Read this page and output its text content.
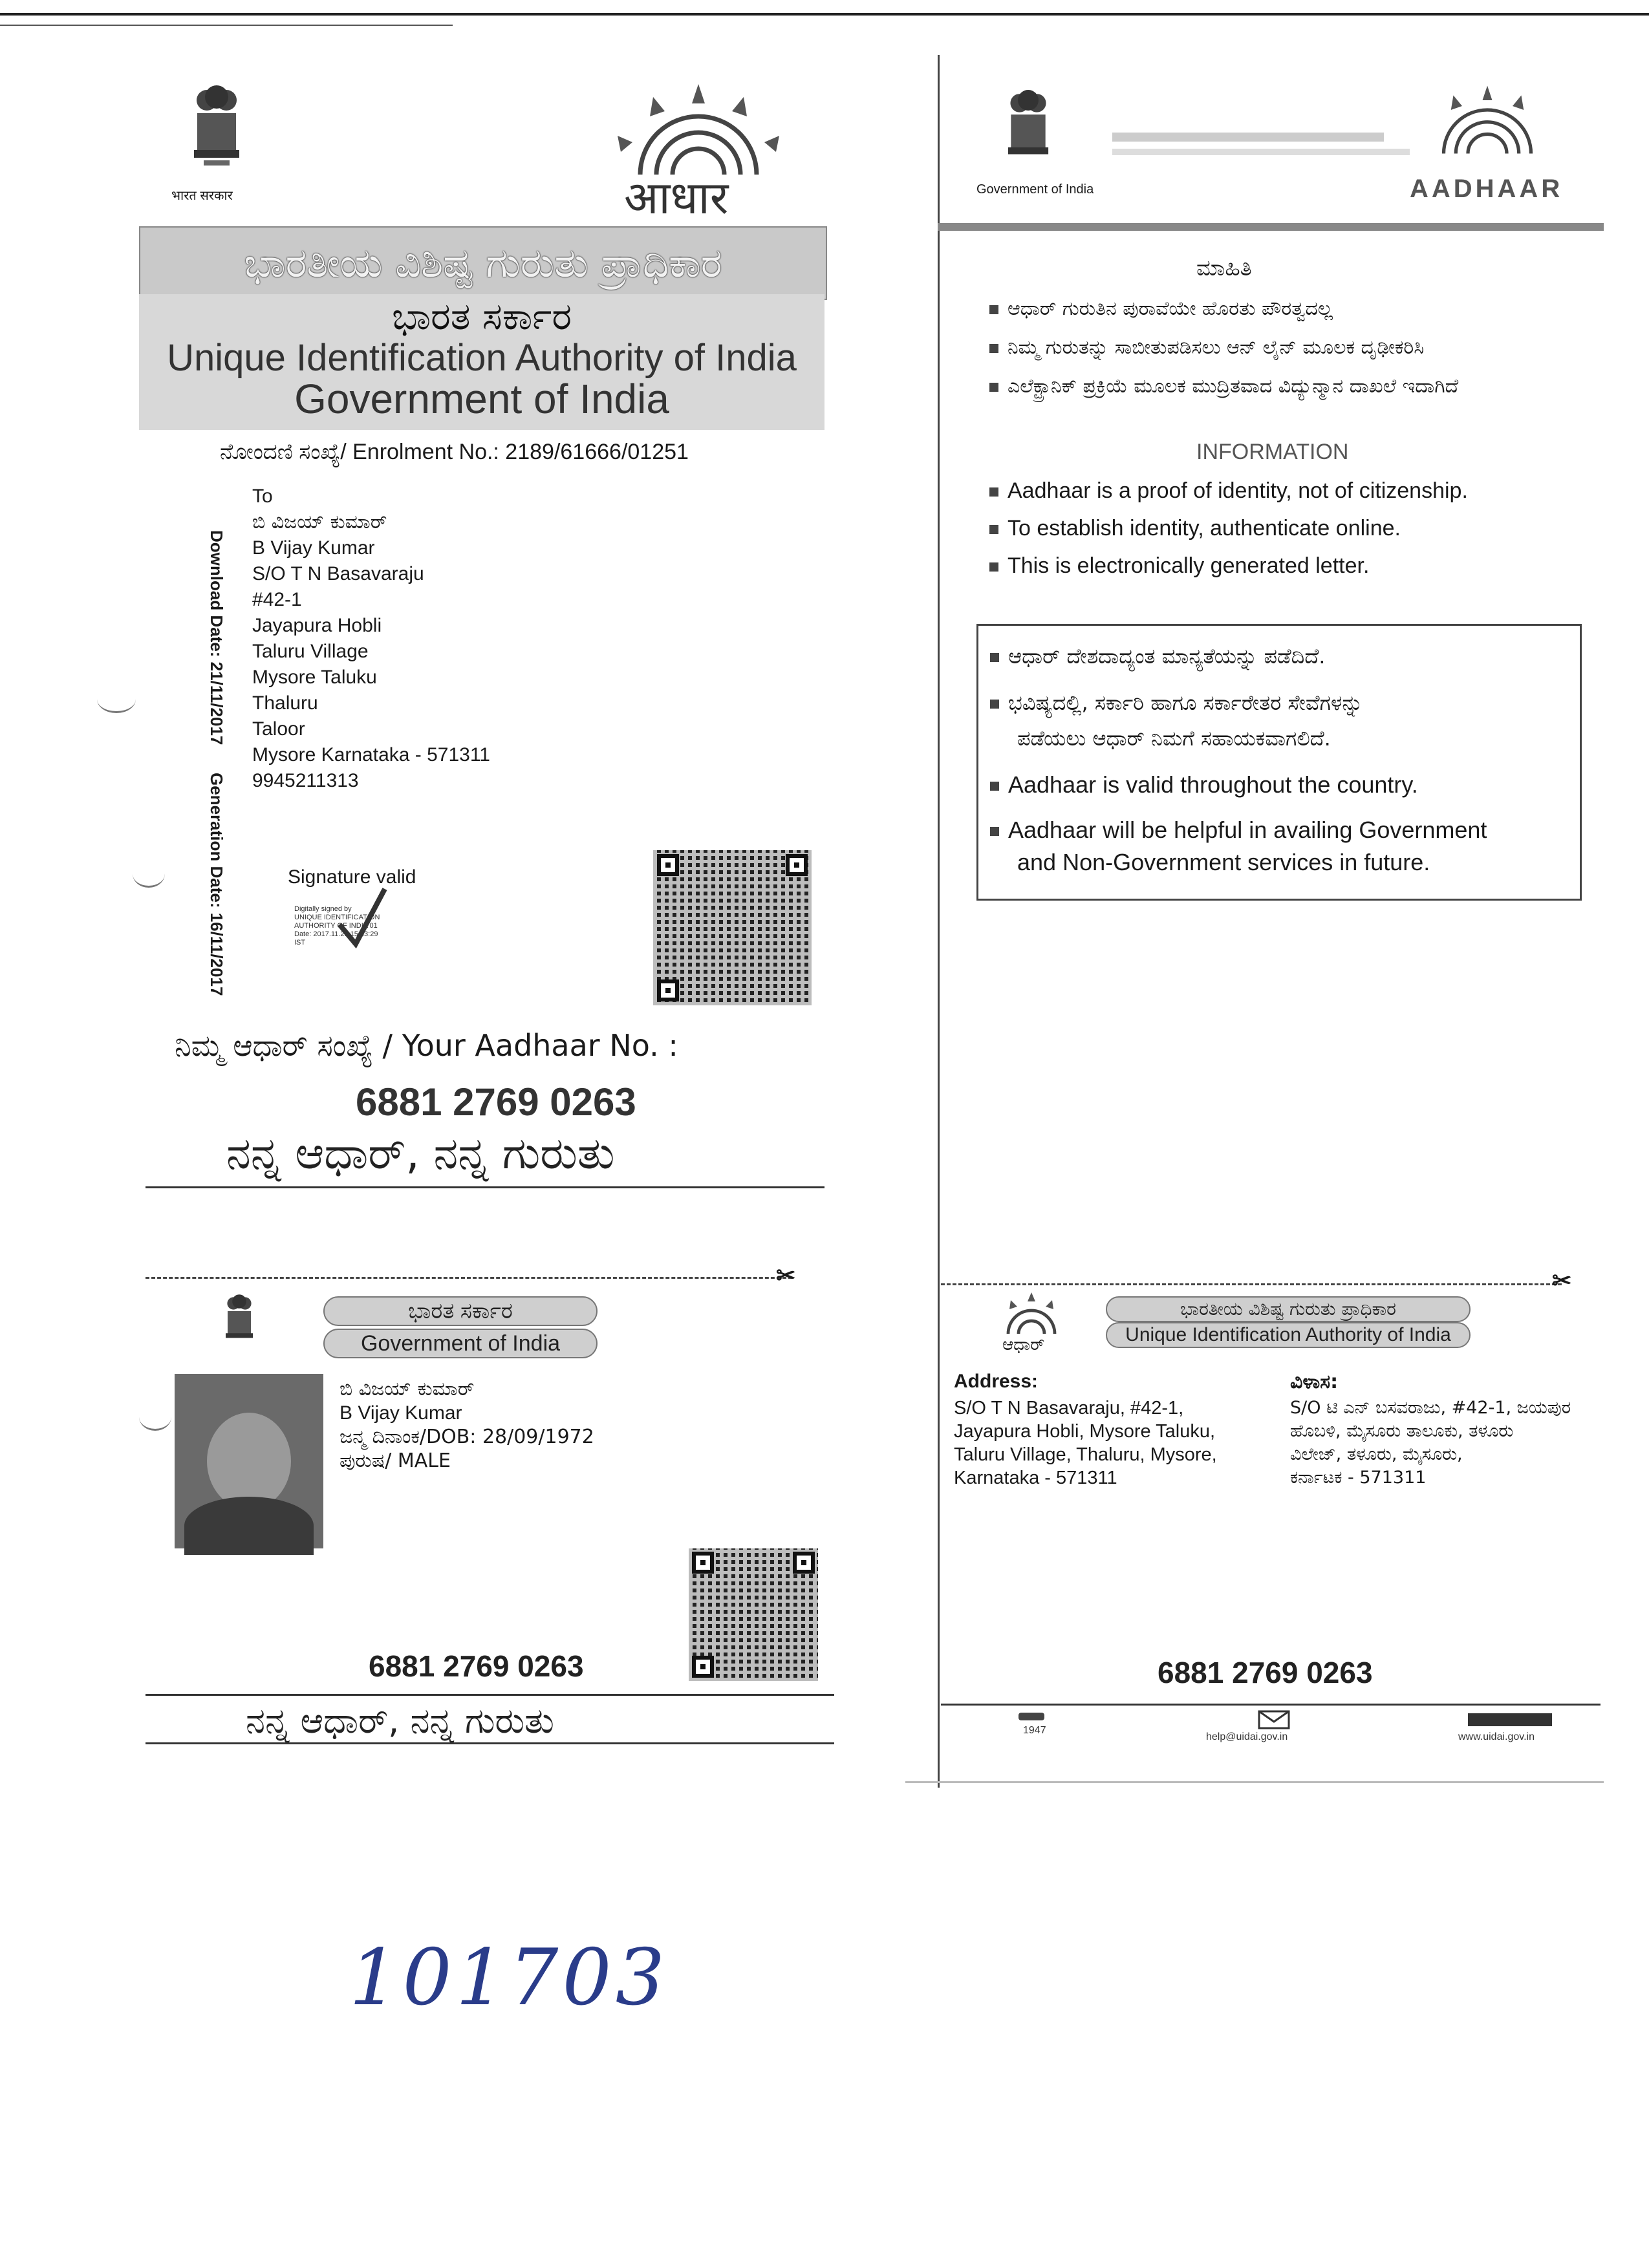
भारत सरकार	आधार
ಭಾರತೀಯ ವಿಶಿಷ್ಟ ಗುರುತು ಪ್ರಾಧಿಕಾರ
ಭಾರತ ಸರ್ಕಾರ
Unique Identification Authority of India
Government of India
ನೋಂದಣಿ ಸಂಖ್ಯೆ/ Enrolment No.: 2189/61666/01251
To
ಬಿ ವಿಜಯ್ ಕುಮಾರ್
B Vijay Kumar
S/O T N Basavaraju
#42-1
Jayapura Hobli
Taluru Village
Mysore Taluku
Thaluru
Taloor
Mysore Karnataka - 571311
9945211313
Download Date: 21/11/2017
Generation Date: 16/11/2017	Signature valid
Digitally signed by
UNIQUE IDENTIFICATION
AUTHORITY OF INDIA 01
Date: 2017.11.21 15:33:29
IST
ನಿಮ್ಮ ಆಧಾರ್ ಸಂಖ್ಯೆ / Your Aadhaar No. :
6881 2769 0263
ನನ್ನ ಆಧಾರ್, ನನ್ನ ಗುರುತು
✂
ಭಾರತ ಸರ್ಕಾರ
Government of India
ಬಿ ವಿಜಯ್ ಕುಮಾರ್
B Vijay Kumar
ಜನ್ಮ ದಿನಾಂಕ/DOB: 28/09/1972
ಪುರುಷ/ MALE
6881 2769 0263
ನನ್ನ ಆಧಾರ್, ನನ್ನ ಗುರುತು
Government of India	AADHAAR
ಮಾಹಿತಿ
ಆಧಾರ್ ಗುರುತಿನ ಪುರಾವೆಯೇ ಹೊರತು ಪೌರತ್ವದಲ್ಲ
ನಿಮ್ಮ ಗುರುತನ್ನು ಸಾಬೀತುಪಡಿಸಲು ಆನ್ ಲೈನ್ ಮೂಲಕ ದೃಢೀಕರಿಸಿ
ಎಲೆಕ್ಟ್ರಾನಿಕ್ ಪ್ರಕ್ರಿಯೆ ಮೂಲಕ ಮುದ್ರಿತವಾದ ವಿದ್ಯುನ್ಮಾನ ದಾಖಲೆ ಇದಾಗಿದೆ
INFORMATION
Aadhaar is a proof of identity, not of citizenship.
To establish identity, authenticate online.
This is electronically generated letter.
ಆಧಾರ್ ದೇಶದಾದ್ಯಂತ ಮಾನ್ಯತೆಯನ್ನು ಪಡೆದಿದೆ.
ಭವಿಷ್ಯದಲ್ಲಿ, ಸರ್ಕಾರಿ ಹಾಗೂ ಸರ್ಕಾರೇತರ ಸೇವೆಗಳನ್ನು
ಪಡೆಯಲು ಆಧಾರ್ ನಿಮಗೆ ಸಹಾಯಕವಾಗಲಿದೆ.
Aadhaar is valid throughout the country.
Aadhaar will be helpful in availing Government
and Non-Government services in future.
✂
ಆಧಾರ್
ಭಾರತೀಯ ವಿಶಿಷ್ಟ ಗುರುತು ಪ್ರಾಧಿಕಾರ
Unique Identification Authority of India
Address:
S/O T N Basavaraju, #42-1,
Jayapura Hobli, Mysore Taluku,
Taluru Village, Thaluru, Mysore,
Karnataka - 571311
ವಿಳಾಸ:
S/O ಟಿ ಎನ್ ಬಸವರಾಜು, #42-1, ಜಯಪುರ
ಹೊಬಳಿ, ಮೈಸೂರು ತಾಲೂಕು, ತಳೂರು
ವಿಲೇಜ್, ತಳೂರು, ಮೈಸೂರು,
ಕರ್ನಾಟಕ - 571311
6881 2769 0263
1947
help@uidai.gov.in	www.uidai.gov.in
101703
